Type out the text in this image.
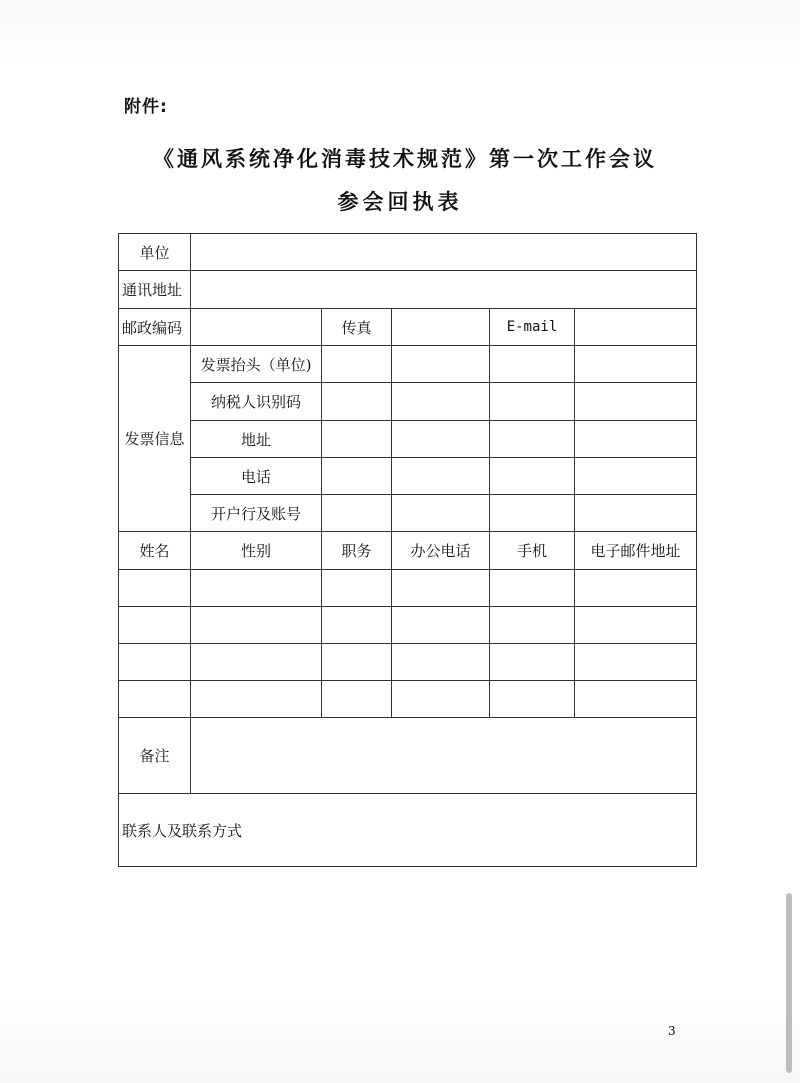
附件:
《通风系统净化消毒技术规范》第一次工作会议
参会回执表
单位					
通讯地址					
邮政编码		传真		E-mail	
发票信息	发票抬头（单位)				
	纳税人识别码				
	地址				
	电话				
	开户行及账号				
姓名	性别	职务	办公电话	手机	电子邮件地址

备注					
联系人及联系方式					
3
